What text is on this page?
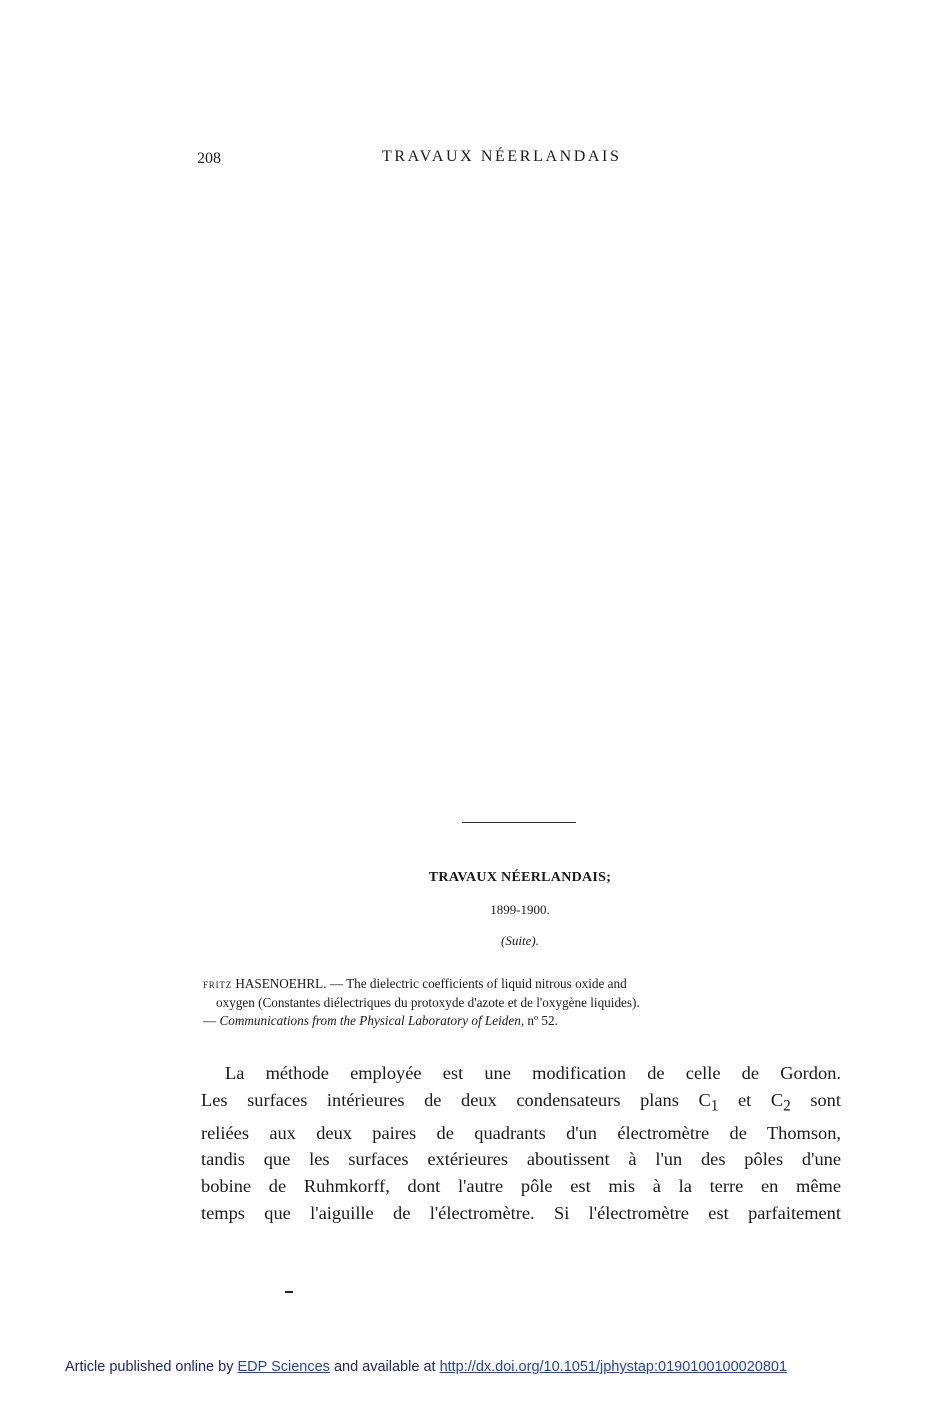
208	TRAVAUX NÉERLANDAIS
TRAVAUX NÉERLANDAIS;
1899-1900.
(Suite).
FRITZ HASENOEHRL. — The dielectric coefficients of liquid nitrous oxide and
oxygen (Constantes diélectriques du protoxyde d'azote et de l'oxygène liquides).
— Communications from the Physical Laboratory of Leiden, nº 52.
La méthode employée est une modification de celle de Gordon.
Les surfaces intérieures de deux condensateurs plans $C_1$ et $C_2$ sont
reliées aux deux paires de quadrants d'un électromètre de Thomson,
tandis que les surfaces extérieures aboutissent à l'un des pôles d'une
bobine de Ruhmkorff, dont l'autre pôle est mis à la terre en même
temps que l'aiguille de l'électromètre. Si l'électromètre est parfaitement
Article published online by EDP Sciences and available at http://dx.doi.org/10.1051/jphystap:0190100100020801
